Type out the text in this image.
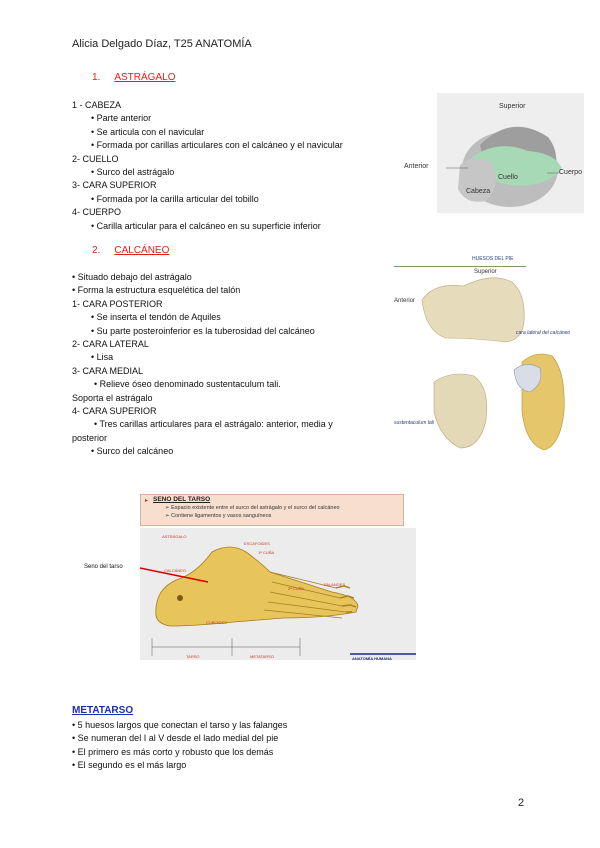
Alicia Delgado Díaz, T25 ANATOMÍA
1. ASTRÁGALO
1 - CABEZA
• Parte anterior
• Se articula con el navicular
• Formada por carillas articulares con el calcáneo y el navicular
2- CUELLO
• Surco del astrágalo
3- CARA SUPERIOR
• Formada por la carilla articular del tobillo
4- CUERPO
• Carilla articular para el calcáneo en su superficie inferior
Superior
Anterior
Cuerpo
Cuello
Cabeza
2. CALCÁNEO
• Situado debajo del astrágalo
• Forma la estructura esquelética del talón
1- CARA POSTERIOR
• Se inserta el tendón de Aquiles
• Su parte posteroinferior es la tuberosidad del calcáneo
2- CARA LATERAL
• Lisa
3- CARA MEDIAL
• Relieve óseo denominado sustentaculum tali.
Soporta el astrágalo
4- CARA SUPERIOR
• Tres carillas articulares para el astrágalo: anterior, media y
posterior
• Surco del calcáneo
HUESOS DEL PIE
Superior
Anterior
cara lateral del calcáneo
sustentaculum tali
▸ SENO DEL TARSO
➢ Espacio existente entre el surco del astrágalo y el surco del calcáneo
➢ Contiene ligamentos y vasos sanguíneos
Seno del tarso
ASTRÁGALO
ESCAFOIDES
CALCÁNEO
1ª CUÑA
2ª CUÑA
FALANGES
CUBOIDES
TARSO	METATARSO	ANATOMÍA HUMANA
METATARSO
• 5 huesos largos que conectan el tarso y las falanges
• Se numeran del I al V desde el lado medial del pie
• El primero es más corto y robusto que los demás
• El segundo es el más largo
2
